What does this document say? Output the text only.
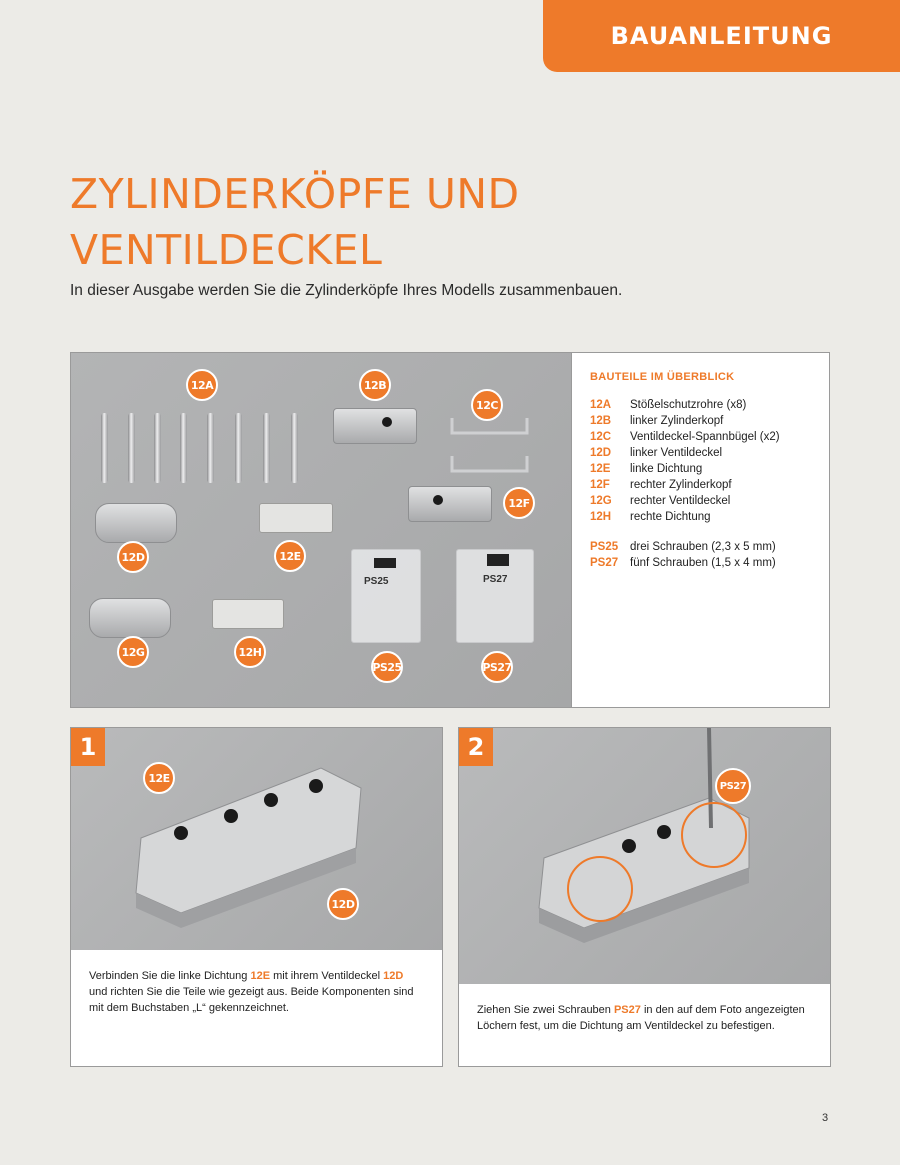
BAUANLEITUNG
ZYLINDERKÖPFE UND
VENTILDECKEL

In dieser Ausgabe werden Sie die Zylinderköpfe Ihres Modells zusammenbauen.

12A	12B
12C
12F
12D	12E
12G	12H
PS25
PS25
PS27
PS27
BAUTEILE IM ÜBERBLICK
12A	Stößelschutzrohre (x8)
12B	linker Zylinderkopf
12C	Ventildeckel-Spannbügel (x2)
12D	linker Ventildeckel
12E	linke Dichtung
12F	rechter Zylinderkopf
12G	rechter Ventildeckel
12H	rechte Dichtung
PS25	drei Schrauben (2,3 x 5 mm)
PS27	fünf Schrauben (1,5 x 4 mm)
1
12E
12D

Verbinden Sie die linke Dichtung 12E mit ihrem Ventildeckel 12D und richten Sie die Teile wie gezeigt aus. Beide Komponenten sind mit dem Buchstaben „L“ gekennzeichnet.

2
PS27

Ziehen Sie zwei Schrauben PS27 in den auf dem Foto angezeigten Löchern fest, um die Dichtung am Ventildeckel zu befestigen.

3
